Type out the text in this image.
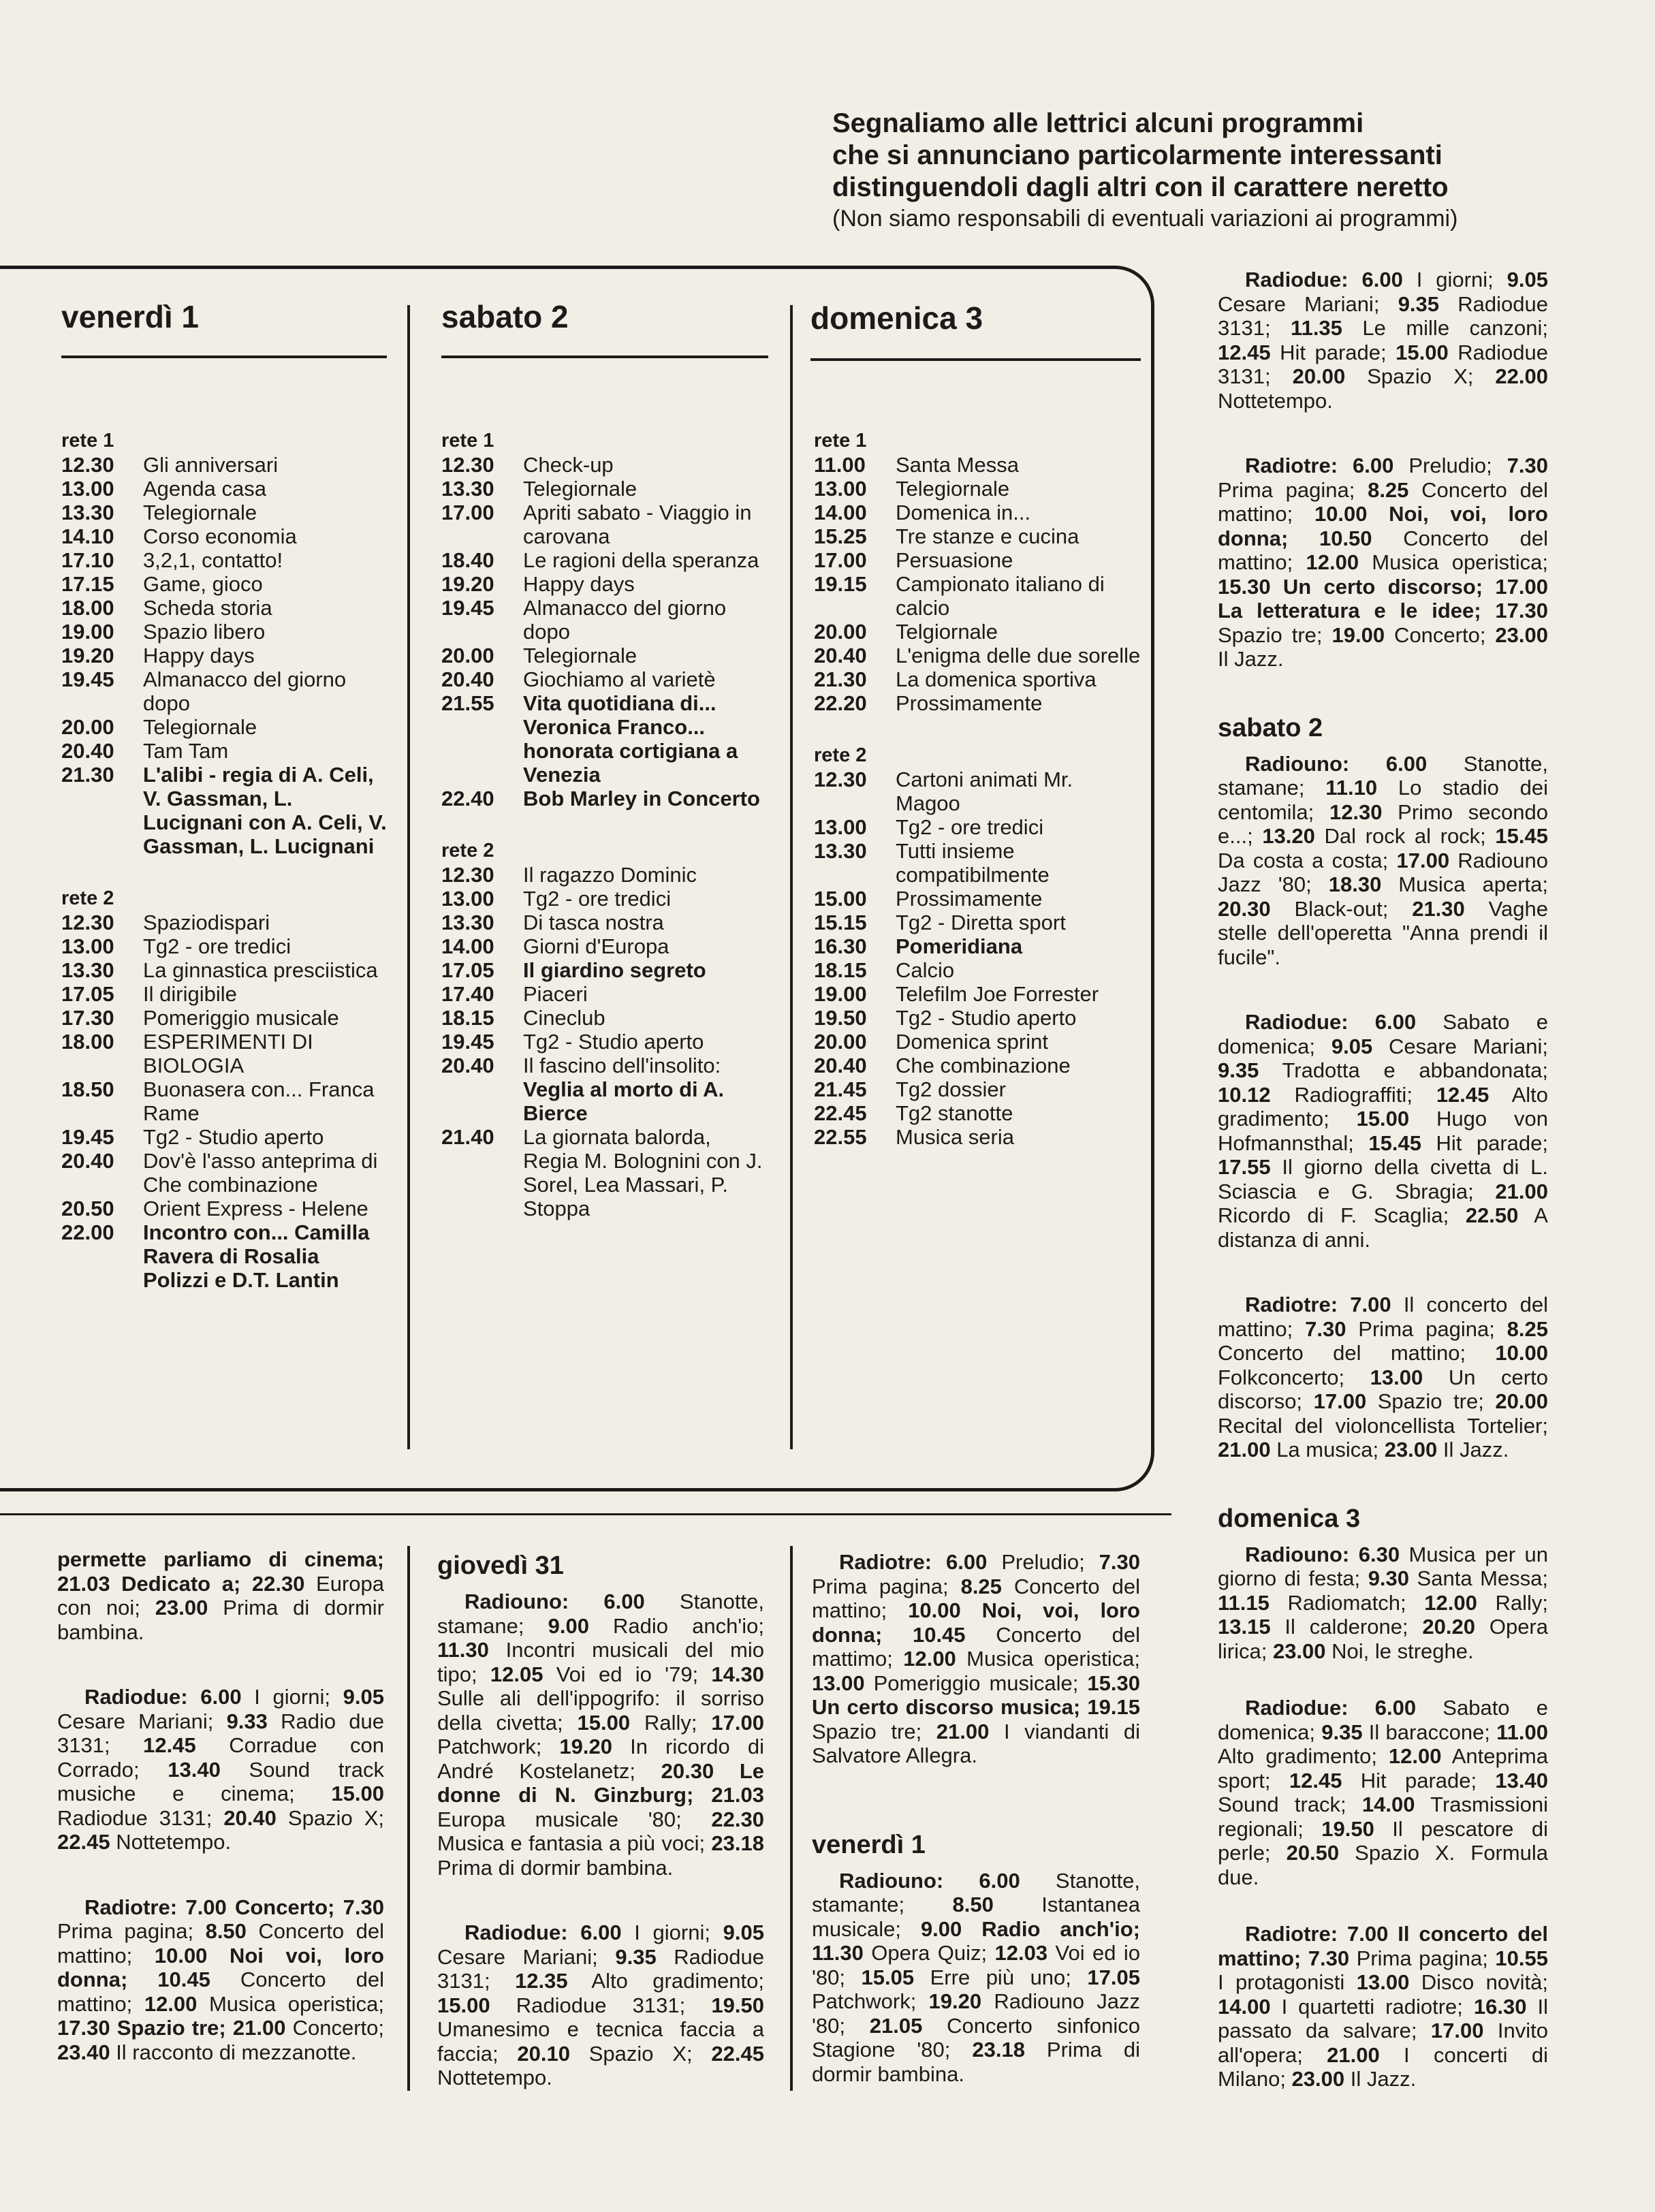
Segnaliamo alle lettrici alcuni programmi
che si annunciano particolarmente interessanti
distinguendoli dagli altri con il carattere neretto
(Non siamo responsabili di eventuali variazioni ai programmi)
venerdì 1	sabato 2	domenica 3
rete 1
12.30	Gli anniversari
13.00	Agenda casa
13.30	Telegiornale
14.10	Corso economia
17.10	3,2,1, contatto!
17.15	Game, gioco
18.00	Scheda storia
19.00	Spazio libero
19.20	Happy days
19.45	Almanacco del giorno dopo
20.00	Telegiornale
20.40	Tam Tam
21.30	L'alibi - regia di A. Celi, V. Gassman, L. Lucignani con A. Celi, V. Gassman, L. Lucignani
rete 2
12.30	Spaziodispari
13.00	Tg2 - ore tredici
13.30	La ginnastica presciistica
17.05	Il dirigibile
17.30	Pomeriggio musicale
18.00	ESPERIMENTI DI BIOLOGIA
18.50	Buonasera con... Franca Rame
19.45	Tg2 - Studio aperto
20.40	Dov'è l'asso anteprima di Che combinazione
20.50	Orient Express - Helene
22.00	Incontro con... Camilla Ravera di Rosalia Polizzi e D.T. Lantin
rete 1
12.30	Check-up
13.30	Telegiornale
17.00	Apriti sabato - Viaggio in carovana
18.40	Le ragioni della speranza
19.20	Happy days
19.45	Almanacco del giorno dopo
20.00	Telegiornale
20.40	Giochiamo al varietè
21.55	Vita quotidiana di... Veronica Franco... honorata cortigiana a Venezia
22.40	Bob Marley in Concerto
rete 2
12.30	Il ragazzo Dominic
13.00	Tg2 - ore tredici
13.30	Di tasca nostra
14.00	Giorni d'Europa
17.05	Il giardino segreto
17.40	Piaceri
18.15	Cineclub
19.45	Tg2 - Studio aperto
20.40	Il fascino dell'insolito: Veglia al morto di A. Bierce
21.40	La giornata balorda, Regia M. Bolognini con J. Sorel, Lea Massari, P. Stoppa
rete 1
11.00	Santa Messa
13.00	Telegiornale
14.00	Domenica in...
15.25	Tre stanze e cucina
17.00	Persuasione
19.15	Campionato italiano di calcio
20.00	Telgiornale
20.40	L'enigma delle due sorelle
21.30	La domenica sportiva
22.20	Prossimamente
rete 2
12.30	Cartoni animati Mr. Magoo
13.00	Tg2 - ore tredici
13.30	Tutti insieme compatibilmente
15.00	Prossimamente
15.15	Tg2 - Diretta sport
16.30	Pomeridiana
18.15	Calcio
19.00	Telefilm Joe Forrester
19.50	Tg2 - Studio aperto
20.00	Domenica sprint
20.40	Che combinazione
21.45	Tg2 dossier
22.45	Tg2 stanotte
22.55	Musica seria

Radiodue: 6.00 I giorni; 9.05 Cesare Mariani; 9.35 Radiodue 3131; 11.35 Le mille canzoni; 12.45 Hit parade; 15.00 Radiodue 3131; 20.00 Spazio X; 22.00 Nottetempo.

Radiotre: 6.00 Preludio; 7.30 Prima pagina; 8.25 Concerto del mattino; 10.00 Noi, voi, loro donna; 10.50 Concerto del mattino; 12.00 Musica operistica; 15.30 Un certo discorso; 17.00 La letteratura e le idee; 17.30 Spazio tre; 19.00 Concerto; 23.00 Il Jazz.

sabato 2

Radiouno: 6.00 Stanotte, stamane; 11.10 Lo stadio dei centomila; 12.30 Primo secondo e...; 13.20 Dal rock al rock; 15.45 Da costa a costa; 17.00 Radiouno Jazz '80; 18.30 Musica aperta; 20.30 Black-out; 21.30 Vaghe stelle dell'operetta "Anna prendi il fucile".

Radiodue: 6.00 Sabato e domenica; 9.05 Cesare Mariani; 9.35 Tradotta e abbandonata; 10.12 Radiograffiti; 12.45 Alto gradimento; 15.00 Hugo von Hofmannsthal; 15.45 Hit parade; 17.55 Il giorno della civetta di L. Sciascia e G. Sbragia; 21.00 Ricordo di F. Scaglia; 22.50 A distanza di anni.

Radiotre: 7.00 Il concerto del mattino; 7.30 Prima pagina; 8.25 Concerto del mattino; 10.00 Folkconcerto; 13.00 Un certo discorso; 17.00 Spazio tre; 20.00 Recital del violoncellista Tortelier; 21.00 La musica; 23.00 Il Jazz.

domenica 3

Radiouno: 6.30 Musica per un giorno di festa; 9.30 Santa Messa; 11.15 Radiomatch; 12.00 Rally; 13.15 Il calderone; 20.20 Opera lirica; 23.00 Noi, le streghe.

Radiodue: 6.00 Sabato e domenica; 9.35 Il baraccone; 11.00 Alto gradimento; 12.00 Anteprima sport; 12.45 Hit parade; 13.40 Sound track; 14.00 Trasmissioni regionali; 19.50 Il pescatore di perle; 20.50 Spazio X. Formula due.

Radiotre: 7.00 Il concerto del mattino; 7.30 Prima pagina; 10.55 I protagonisti 13.00 Disco novità; 14.00 I quartetti radiotre; 16.30 Il passato da salvare; 17.00 Invito all'opera; 21.00 I concerti di Milano; 23.00 Il Jazz.

permette parliamo di cinema; 21.03 Dedicato a; 22.30 Europa con noi; 23.00 Prima di dormir bambina.

Radiodue: 6.00 I giorni; 9.05 Cesare Mariani; 9.33 Radio due 3131; 12.45 Corradue con Corrado; 13.40 Sound track musiche e cinema; 15.00 Radiodue 3131; 20.40 Spazio X; 22.45 Nottetempo.

Radiotre: 7.00 Concerto; 7.30 Prima pagina; 8.50 Concerto del mattino; 10.00 Noi voi, loro donna; 10.45 Concerto del mattino; 12.00 Musica operistica; 17.30 Spazio tre; 21.00 Concerto; 23.40 Il racconto di mezzanotte.

giovedì 31

Radiouno: 6.00 Stanotte, stamane; 9.00 Radio anch'io; 11.30 Incontri musicali del mio tipo; 12.05 Voi ed io '79; 14.30 Sulle ali dell'ippogrifo: il sorriso della civetta; 15.00 Rally; 17.00 Patchwork; 19.20 In ricordo di André Kostelanetz; 20.30 Le donne di N. Ginzburg; 21.03 Europa musicale '80; 22.30 Musica e fantasia a più voci; 23.18 Prima di dormir bambina.

Radiodue: 6.00 I giorni; 9.05 Cesare Mariani; 9.35 Radiodue 3131; 12.35 Alto gradimento; 15.00 Radiodue 3131; 19.50 Umanesimo e tecnica faccia a faccia; 20.10 Spazio X; 22.45 Nottetempo.

Radiotre: 6.00 Preludio; 7.30 Prima pagina; 8.25 Concerto del mattino; 10.00 Noi, voi, loro donna; 10.45 Concerto del mattimo; 12.00 Musica operistica; 13.00 Pomeriggio musicale; 15.30 Un certo discorso musica; 19.15 Spazio tre; 21.00 I viandanti di Salvatore Allegra.

venerdì 1

Radiouno: 6.00 Stanotte, stamante; 8.50 Istantanea musicale; 9.00 Radio anch'io; 11.30 Opera Quiz; 12.03 Voi ed io '80; 15.05 Erre più uno; 17.05 Patchwork; 19.20 Radiouno Jazz '80; 21.05 Concerto sinfonico Stagione '80; 23.18 Prima di dormir bambina.
